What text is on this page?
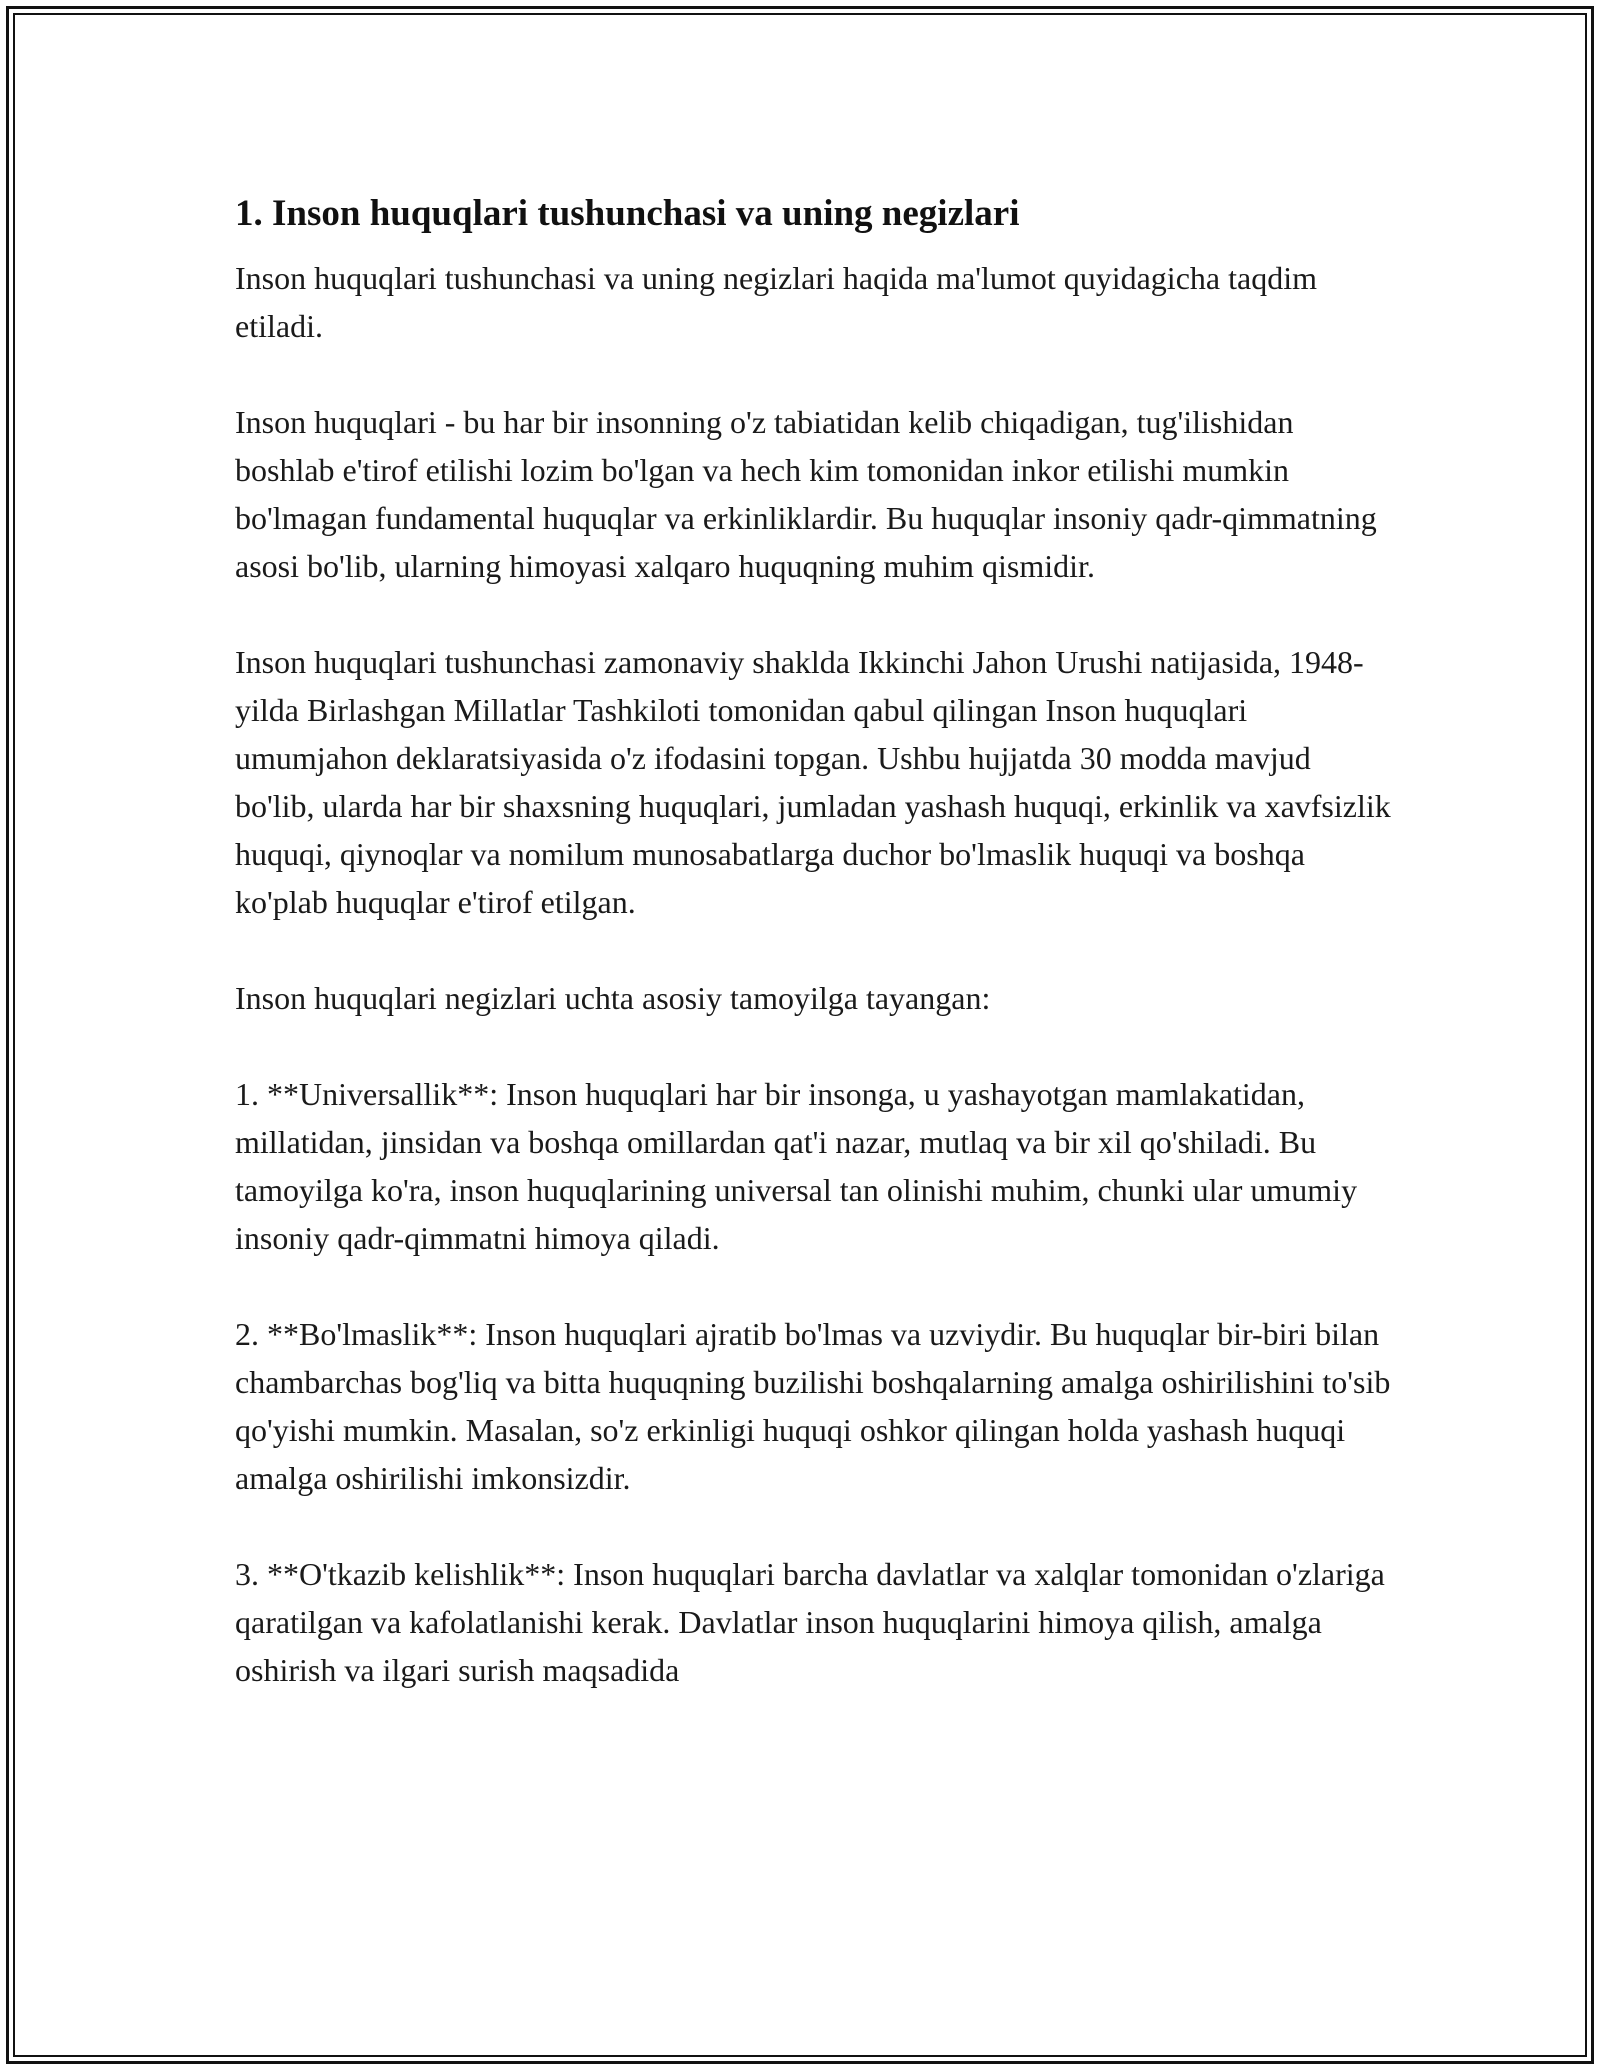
1. Inson huquqlari tushunchasi va uning negizlari

Inson huquqlari tushunchasi va uning negizlari haqida ma'lumot quyidagicha taqdim etiladi.

Inson huquqlari - bu har bir insonning o'z tabiatidan kelib chiqadigan, tug'ilishidan boshlab e'tirof etilishi lozim bo'lgan va hech kim tomonidan inkor etilishi mumkin bo'lmagan fundamental huquqlar va erkinliklardir. Bu huquqlar insoniy qadr-qimmatning asosi bo'lib, ularning himoyasi xalqaro huquqning muhim qismidir.

Inson huquqlari tushunchasi zamonaviy shaklda Ikkinchi Jahon Urushi natijasida, 1948-yilda Birlashgan Millatlar Tashkiloti tomonidan qabul qilingan Inson huquqlari umumjahon deklaratsiyasida o'z ifodasini topgan. Ushbu hujjatda 30 modda mavjud bo'lib, ularda har bir shaxsning huquqlari, jumladan yashash huquqi, erkinlik va xavfsizlik huquqi, qiynoqlar va nomilum munosabatlarga duchor bo'lmaslik huquqi va boshqa ko'plab huquqlar e'tirof etilgan.

Inson huquqlari negizlari uchta asosiy tamoyilga tayangan:

1. **Universallik**: Inson huquqlari har bir insonga, u yashayotgan mamlakatidan, millatidan, jinsidan va boshqa omillardan qat'i nazar, mutlaq va bir xil qo'shiladi. Bu tamoyilga ko'ra, inson huquqlarining universal tan olinishi muhim, chunki ular umumiy insoniy qadr-qimmatni himoya qiladi.

2. **Bo'lmaslik**: Inson huquqlari ajratib bo'lmas va uzviydir. Bu huquqlar bir-biri bilan chambarchas bog'liq va bitta huquqning buzilishi boshqalarning amalga oshirilishini to'sib qo'yishi mumkin. Masalan, so'z erkinligi huquqi oshkor qilingan holda yashash huquqi amalga oshirilishi imkonsizdir.

3. **O'tkazib kelishlik**: Inson huquqlari barcha davlatlar va xalqlar tomonidan o'zlariga qaratilgan va kafolatlanishi kerak. Davlatlar inson huquqlarini himoya qilish, amalga oshirish va ilgari surish maqsadida
